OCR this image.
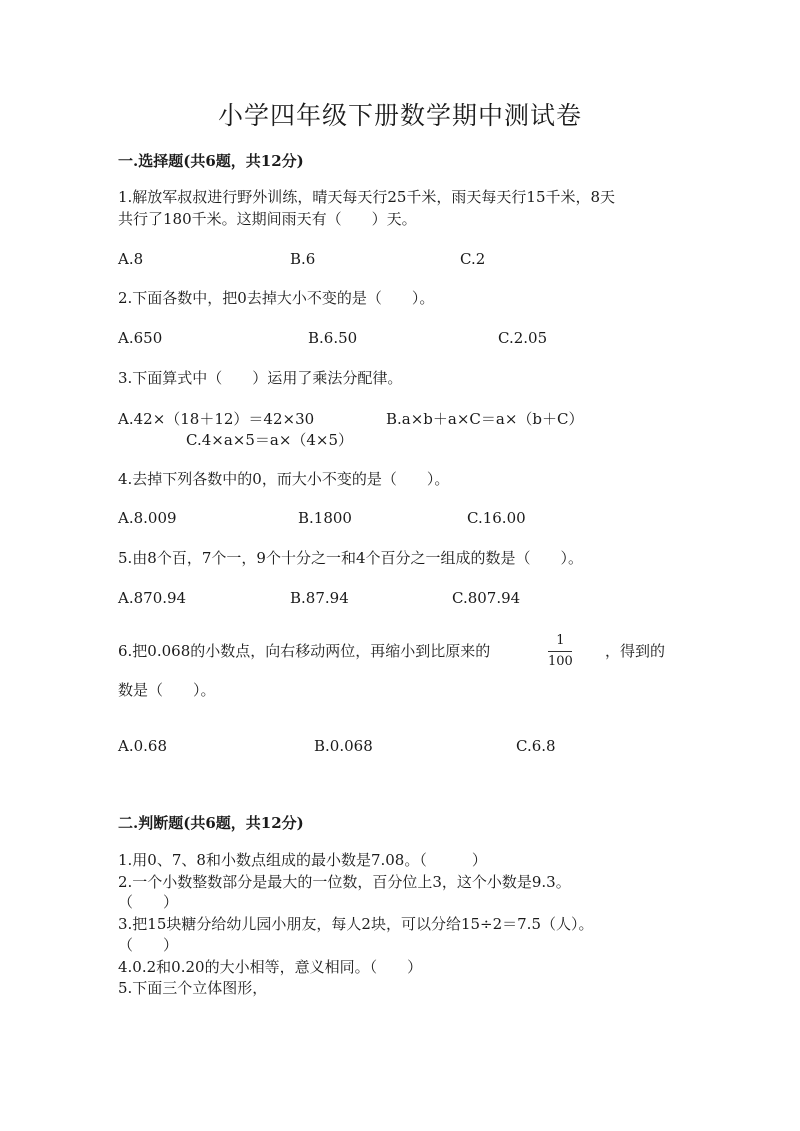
小学四年级下册数学期中测试卷
一.选择题(共6题，共12分)
1.解放军叔叔进行野外训练，晴天每天行25千米，雨天每天行15千米，8天
共行了180千米。这期间雨天有（　　）天。
A.8	B.6	C.2
2.下面各数中，把0去掉大小不变的是（　　）。
A.650	B.6.50	C.2.05
3.下面算式中（　　）运用了乘法分配律。
A.42×（18＋12）＝42×30	B.a×b＋a×C＝a×（b＋C）
C.4×a×5＝a×（4×5）
4.去掉下列各数中的0，而大小不变的是（　　）。
A.8.009	B.1800	C.16.00
5.由8个百，7个一，9个十分之一和4个百分之一组成的数是（　　）。
A.870.94	B.87.94	C.807.94
6.把0.068的小数点，向右移动两位，再缩小到比原来的
1
100
，得到的
数是（　　）。
A.0.68	B.0.068	C.6.8
二.判断题(共6题，共12分)
1.用0、7、8和小数点组成的最小数是7.08。（　　　）
2.一个小数整数部分是最大的一位数，百分位上3，这个小数是9.3。
（　　）
3.把15块糖分给幼儿园小朋友，每人2块，可以分给15÷2＝7.5（人）。
（　　）
4.0.2和0.20的大小相等，意义相同。（　　）
5.下面三个立体图形，
